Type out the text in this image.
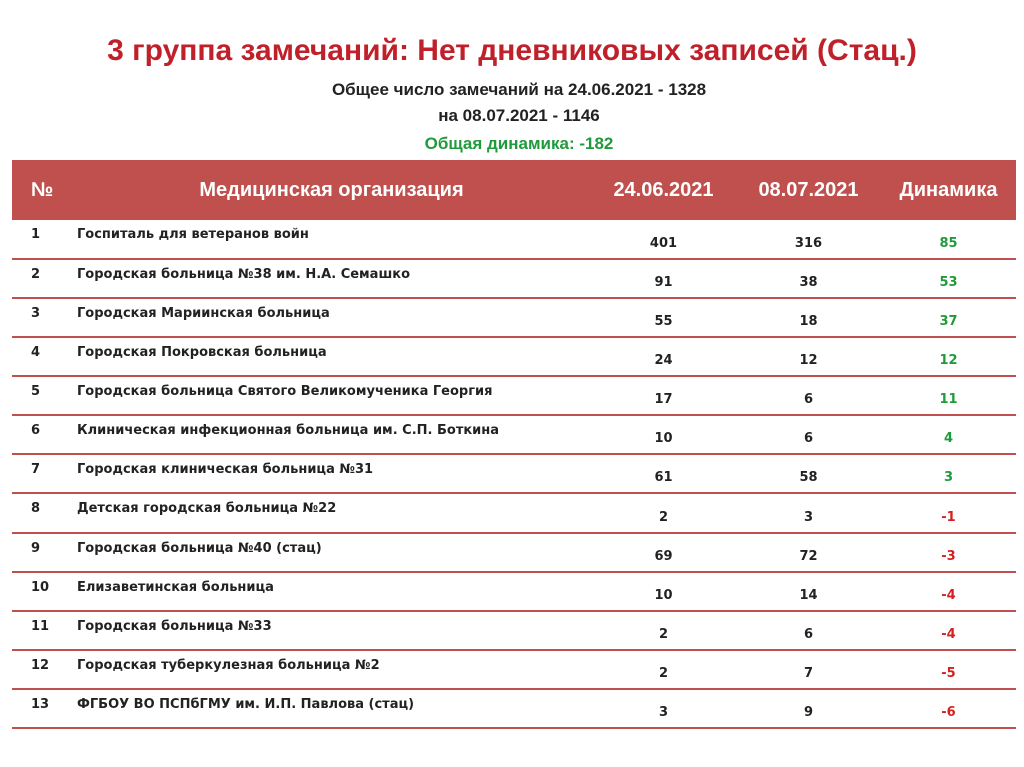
3 группа замечаний: Нет дневниковых записей (Стац.)
Общее число замечаний на 24.06.2021 - 1328
на 08.07.2021 - 1146
Общая динамика: -182
№	Медицинская организация	24.06.2021	08.07.2021	Динамика
1	Госпиталь для ветеранов войн	401	316	85
2	Городская больница №38 им. Н.А. Семашко	91	38	53
3	Городская Мариинская больница	55	18	37
4	Городская Покровская больница	24	12	12
5	Городская больница Святого Великомученика Георгия	17	6	11
6	Клиническая инфекционная больница им. С.П. Боткина	10	6	4
7	Городская клиническая больница №31	61	58	3
8	Детская городская больница №22	2	3	-1
9	Городская больница №40 (стац)	69	72	-3
10	Елизаветинская больница	10	14	-4
11	Городская больница №33	2	6	-4
12	Городская туберкулезная больница №2	2	7	-5
13	ФГБОУ ВО ПСПбГМУ им. И.П. Павлова (стац)	3	9	-6
